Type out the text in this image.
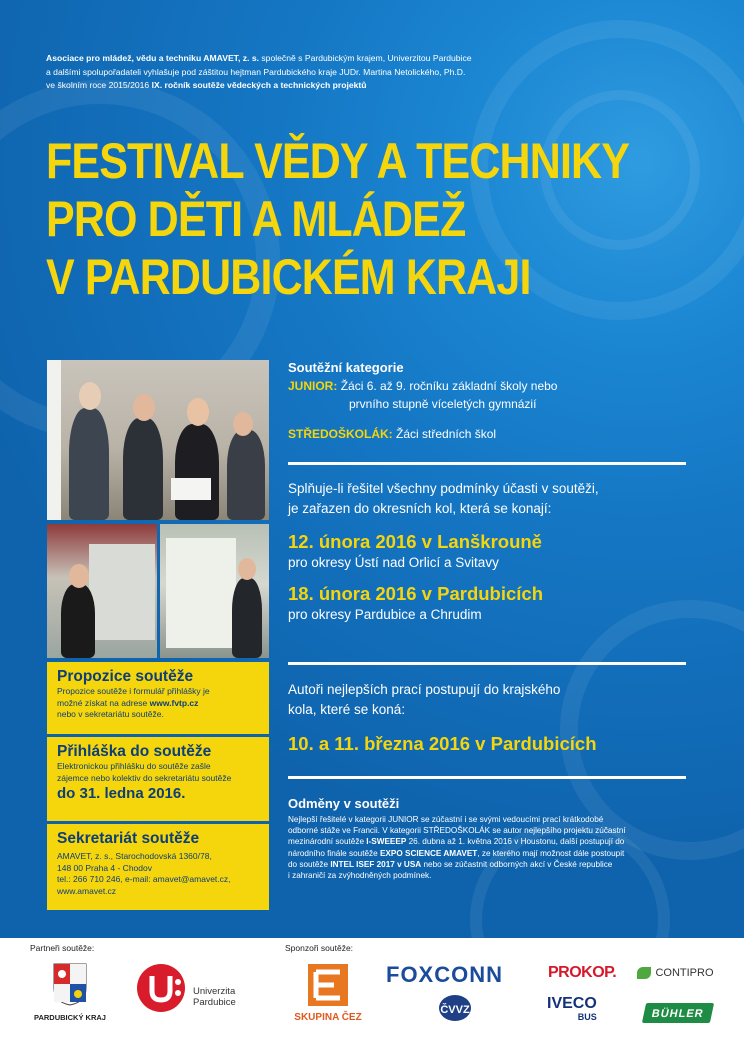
Asociace pro mládež, vědu a techniku AMAVET, z. s. společně s Pardubickým krajem, Univerzitou Pardubice
a dalšími spolupořadateli vyhlašuje pod záštitou hejtman Pardubického kraje JUDr. Martina Netolického, Ph.D.
ve školním roce 2015/2016 IX. ročník soutěže vědeckých a technických projektů
FESTIVAL VĚDY A TECHNIKY
PRO DĚTI A MLÁDEŽ
V PARDUBICKÉM KRAJI
Propozice soutěže
Propozice soutěže i formulář přihlášky je
možné získat na adrese www.fvtp.cz
nebo v sekretariátu soutěže.
Přihláška do soutěže
Elektronickou přihlášku do soutěže zašle
zájemce nebo kolektiv do sekretariátu soutěže
do 31. ledna 2016.
Sekretariát soutěže
AMAVET, z. s., Starochodovská 1360/78,
148 00 Praha 4 - Chodov
tel.: 266 710 246, e-mail: amavet@amavet.cz,
www.amavet.cz
Soutěžní kategorie
JUNIOR: Žáci 6. až 9. ročníku základní školy nebo
prvního stupně víceletých gymnázií
STŘEDOŠKOLÁK: Žáci středních škol
Splňuje-li řešitel všechny podmínky účasti v soutěži,
je zařazen do okresních kol, která se konají:
12. února 2016 v Lanškrouně
pro okresy Ústí nad Orlicí a Svitavy
18. února 2016 v Pardubicích
pro okresy Pardubice a Chrudim
Autoři nejlepších prací postupují do krajského
kola, které se koná:
10. a 11. března 2016 v Pardubicích
Odměny v soutěži
Nejlepší řešitelé v kategorii JUNIOR se zúčastní i se svými vedoucími prací krátkodobé
odborné stáže ve Francii. V kategorii STŘEDOŠKOLÁK se autor nejlepšího projektu zúčastní
mezinárodní soutěže I-SWEEEP 26. dubna až 1. května 2016 v Houstonu, další postupují do
národního finále soutěže EXPO SCIENCE AMAVET, ze kterého mají možnost dále postoupit
do soutěže INTEL ISEF 2017 v USA nebo se zúčastnit odborných akcí v České republice
i zahraničí za zvýhodněných podmínek.
Partneři soutěže:	Sponzoři soutěže:
PARDUBICKÝ KRAJ
Univerzita
Pardubice
SKUPINA ČEZ
FOXCONN
ČVVZ
PROKOP.
IVECO
BUS
CONTIPRO
BÜHLER
